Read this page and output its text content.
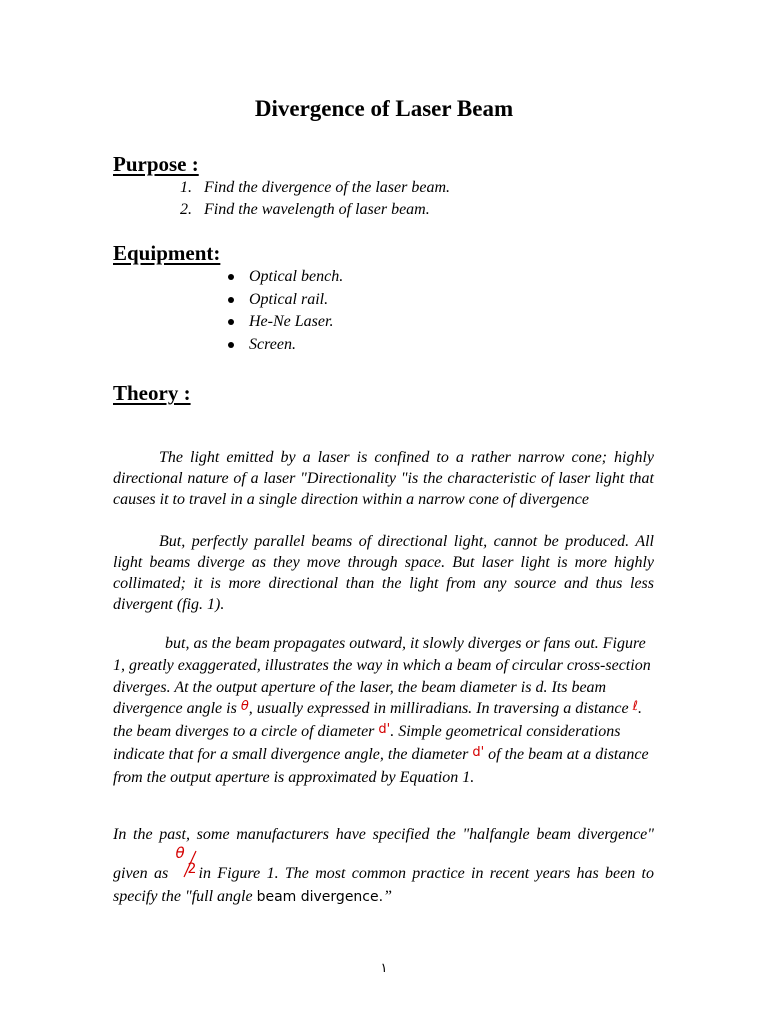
Divergence of Laser Beam
Purpose :
1. Find the divergence of the laser beam.
2. Find the wavelength of laser beam.
Equipment:
Optical bench.
Optical rail.
He-Ne Laser.
Screen.
Theory :

The light emitted by a laser is confined to a rather narrow cone; highly directional nature of a laser "Directionality "is the characteristic of laser light that causes it to travel in a single direction within a narrow cone of divergence

But, perfectly parallel beams of directional light, cannot be produced. All light beams diverge as they move through space. But laser light is more highly collimated; it is more directional than the light from any source and thus less divergent (fig. 1).

but, as the beam propagates outward, it slowly diverges or fans out. Figure 1, greatly exaggerated, illustrates the way in which a beam of circular cross-section diverges. At the output aperture of the laser, the beam diameter is d. Its beam divergence angle is θ, usually expressed in milliradians. In traversing a distance ℓ. the beam diverges to a circle of diameter d'. Simple geometrical considerations indicate that for a small divergence angle, the diameter d' of the beam at a distance from the output aperture is approximated by Equation 1.

In the past, some manufacturers have specified the "halfangle beam divergence" given as
θ
2 in Figure 1. The most common practice in recent years has been to specify the "full angle beam divergence.”

١
